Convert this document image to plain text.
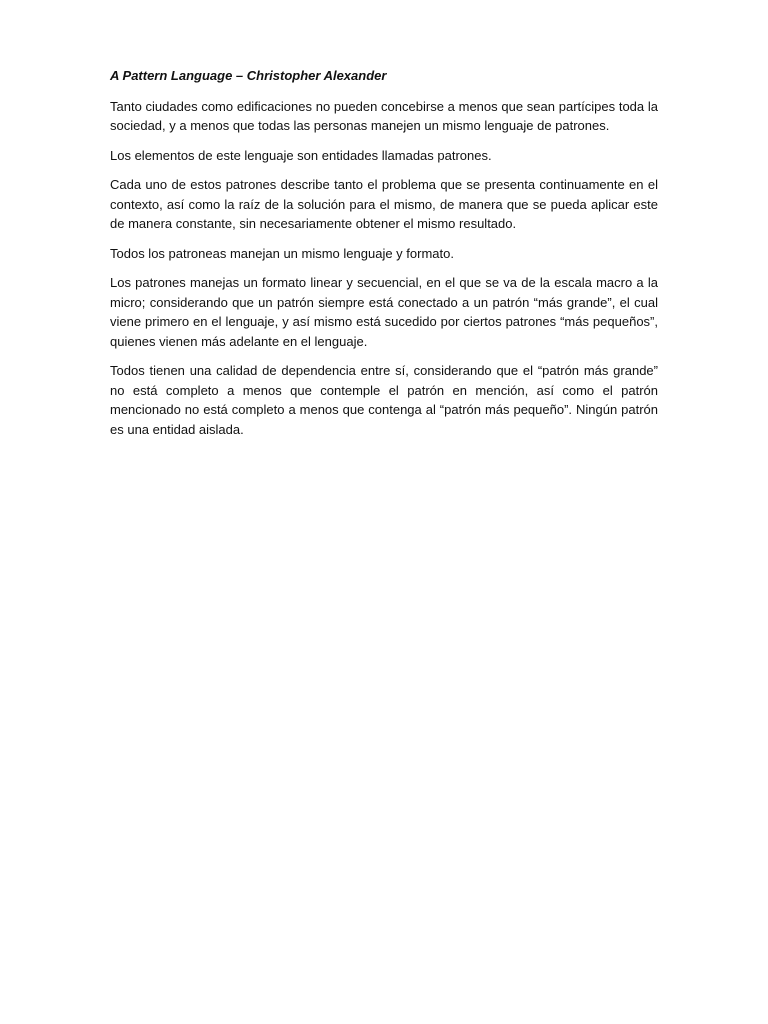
A Pattern Language – Christopher Alexander

Tanto ciudades como edificaciones no pueden concebirse a menos que sean partícipes toda la sociedad, y a menos que todas las personas manejen un mismo lenguaje de patrones.

Los elementos de este lenguaje son entidades llamadas patrones.

Cada uno de estos patrones describe tanto el problema que se presenta continuamente en el contexto, así como la raíz de la solución para el mismo, de manera que se pueda aplicar este de manera constante, sin necesariamente obtener el mismo resultado.

Todos los patroneas manejan un mismo lenguaje y formato.

Los patrones manejas un formato linear y secuencial, en el que se va de la escala macro a la micro; considerando que un patrón siempre está conectado a un patrón “más grande”, el cual viene primero en el lenguaje, y así mismo está sucedido por ciertos patrones “más pequeños”, quienes vienen más adelante en el lenguaje.

Todos tienen una calidad de dependencia entre sí, considerando que el “patrón más grande” no está completo a menos que contemple el patrón en mención, así como el patrón mencionado no está completo a menos que contenga al “patrón más pequeño”. Ningún patrón es una entidad aislada.
